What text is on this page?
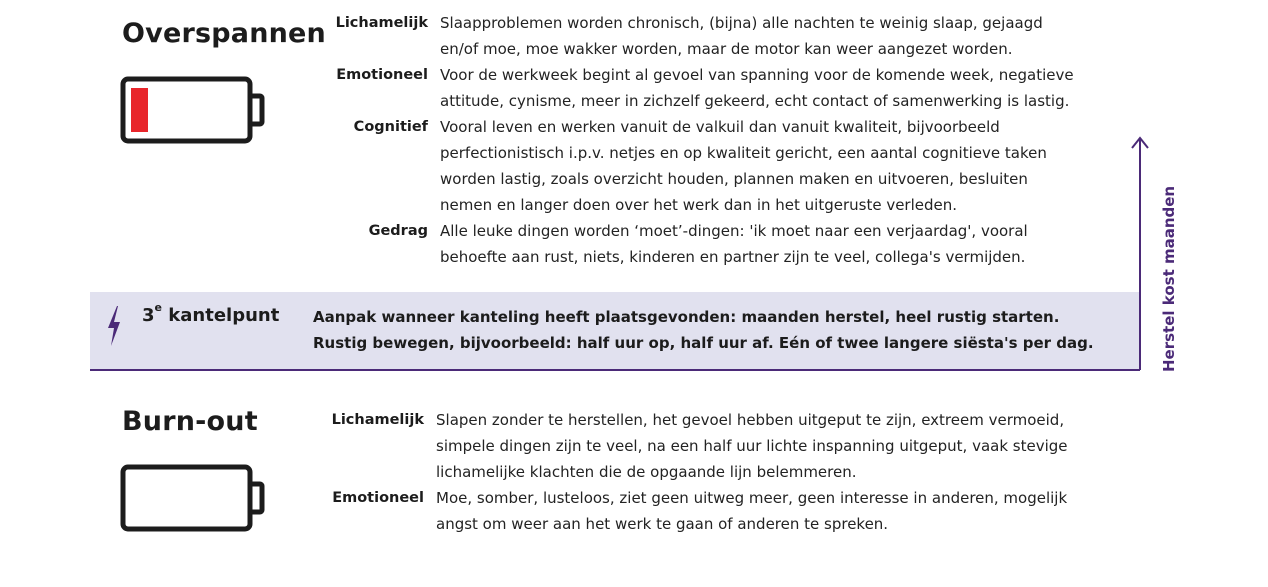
Overspannen Lichamelijk Slaapproblemen worden chronisch, (bijna) alle nachten te weinig slaap, gejaagd
en/of moe, moe wakker worden, maar de motor kan weer aangezet worden.
Emotioneel Voor de werkweek begint al gevoel van spanning voor de komende week, negatieve
attitude, cynisme, meer in zichzelf gekeerd, echt contact of samenwerking is lastig.
Cognitief Vooral leven en werken vanuit de valkuil dan vanuit kwaliteit, bijvoorbeeld
perfectionistisch i.p.v. netjes en op kwaliteit gericht, een aantal cognitieve taken
worden lastig, zoals overzicht houden, plannen maken en uitvoeren, besluiten
nemen en langer doen over het werk dan in het uitgeruste verleden.
Gedrag Alle leuke dingen worden ‘moet’-dingen: 'ik moet naar een verjaardag', vooral
behoefte aan rust, niets, kinderen en partner zijn te veel, collega's vermijden.
3e kantelpunt Aanpak wanneer kanteling heeft plaatsgevonden: maanden herstel, heel rustig starten.
Rustig bewegen, bijvoorbeeld: half uur op, half uur af. Eén of twee langere siësta's per dag.	Herstel kost maanden
Burn-out	Lichamelijk Slapen zonder te herstellen, het gevoel hebben uitgeput te zijn, extreem vermoeid,
simpele dingen zijn te veel, na een half uur lichte inspanning uitgeput, vaak stevige
lichamelijke klachten die de opgaande lijn belemmeren.
Emotioneel Moe, somber, lusteloos, ziet geen uitweg meer, geen interesse in anderen, mogelijk
angst om weer aan het werk te gaan of anderen te spreken.
